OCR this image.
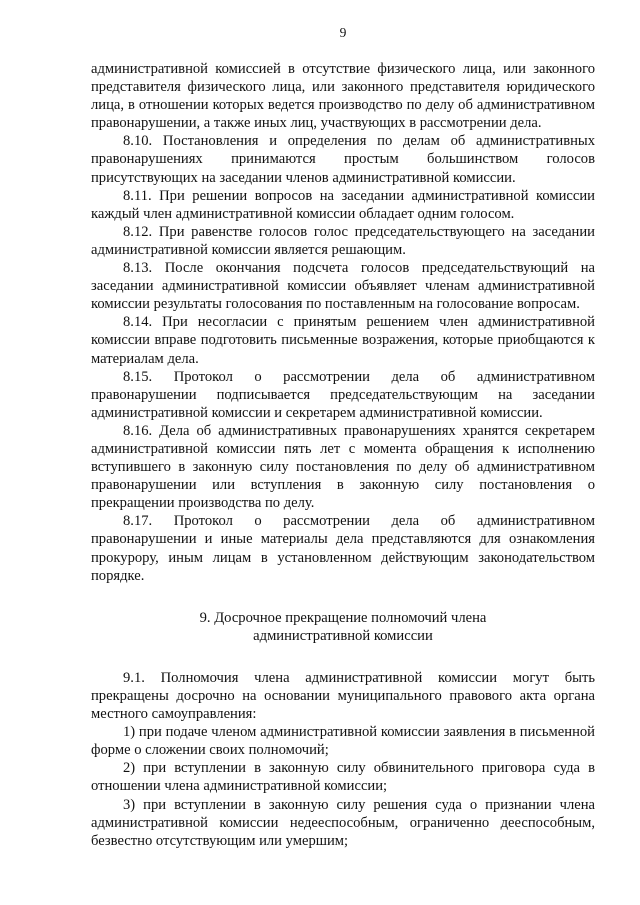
9

административной комиссией в отсутствие физического лица, или законного представителя физического лица, или законного представителя юридического лица, в отношении которых ведется производство по делу об административном правонарушении, а также иных лиц, участвующих в рассмотрении дела.

8.10. Постановления и определения по делам об административных правонарушениях принимаются простым большинством голосов присутствующих на заседании членов административной комиссии.

8.11. При решении вопросов на заседании административной комиссии каждый член административной комиссии обладает одним голосом.

8.12. При равенстве голосов голос председательствующего на заседании административной комиссии является решающим.

8.13. После окончания подсчета голосов председательствующий на заседании административной комиссии объявляет членам административной комиссии результаты голосования по поставленным на голосование вопросам.

8.14. При несогласии с принятым решением член административной комиссии вправе подготовить письменные возражения, которые приобщаются к материалам дела.

8.15. Протокол о рассмотрении дела об административном правонарушении подписывается председательствующим на заседании административной комиссии и секретарем административной комиссии.

8.16. Дела об административных правонарушениях хранятся секретарем административной комиссии пять лет с момента обращения к исполнению вступившего в законную силу постановления по делу об административном правонарушении или вступления в законную силу постановления о прекращении производства по делу.

8.17. Протокол о рассмотрении дела об административном правонарушении и иные материалы дела представляются для ознакомления прокурору, иным лицам в установленном действующим законодательством порядке.

9. Досрочное прекращение полномочий члена
административной комиссии

9.1. Полномочия члена административной комиссии могут быть прекращены досрочно на основании муниципального правового акта органа местного самоуправления:

1) при подаче членом административной комиссии заявления в письменной форме о сложении своих полномочий;

2) при вступлении в законную силу обвинительного приговора суда в отношении члена административной комиссии;

3) при вступлении в законную силу решения суда о признании члена административной комиссии недееспособным, ограниченно дееспособным, безвестно отсутствующим или умершим;
